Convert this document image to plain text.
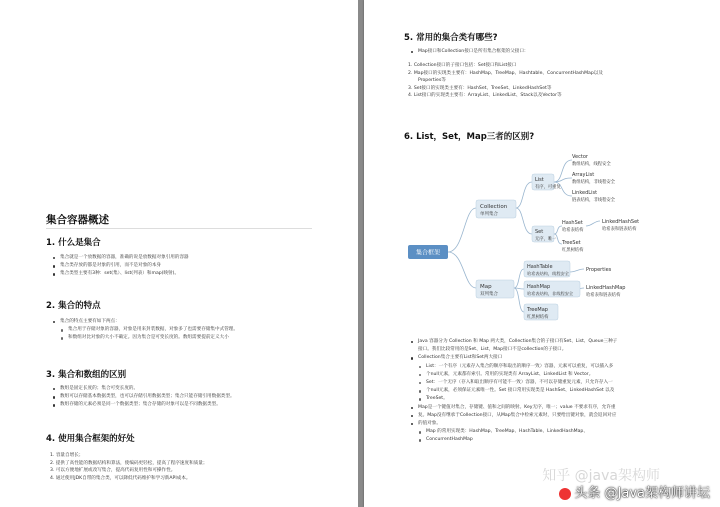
集合容器概述
1. 什么是集合
集合就是一个放数据的容器，准确的说是放数据对象引用的容器
集合类存放的都是对象的引用，而不是对象的本身
集合类型主要有3种：set(集）、list(列表）和map(映射)。
2. 集合的特点
集合的特点主要有如下两点：
集合用于存储对象的容器，对象是用来封装数据，对象多了也需要存储集中式管理。
和数组对比对象的大小不确定。因为集合是可变长度的。数组需要提前定义大小
3. 集合和数组的区别
数组是固定长度的；集合可变长度的。
数组可以存储基本数据类型，也可以存储引用数据类型；集合只能存储引用数据类型。
数组存储的元素必须是同一个数据类型；集合存储的对象可以是不同数据类型。
4. 使用集合框架的好处
1. 容量自增长；
2. 提供了高性能的数据结构和算法，使编码更轻松，提高了程序速度和质量；
3. 可以方便地扩展或改写集合，提高代码复用性和可操作性。
4. 通过使用JDK自带的集合类，可以降低代码维护和学习新API成本。
5. 常用的集合类有哪些?
Map接口和Collection接口是所有集合框架的父接口：
1. Collection接口的子接口包括：Set接口和List接口
2. Map接口的实现类主要有：HashMap、TreeMap、Hashtable、ConcurrentHashMap以及
Properties等
3. Set接口的实现类主要有：HashSet、TreeSet、LinkedHashSet等
4. List接口的实现类主要有：ArrayList、LinkedList、Stack以及Vector等
6. List，Set，Map三者的区别?
集合框架
Collection
单列集合
List
有序，可重复
Set
无序，唯一
Vector
数组结构，线程安全
ArrayList
数组结构，非线程安全
LinkedList
链表结构，非线程安全
HashSet
哈希表结构
LinkedHashSet
哈希表和链表结构
TreeSet
红黑树结构
Map
双列集合
HashTable
哈希表结构，线程安全
Properties
HashMap
哈希表结构，非线程安全
LinkedHashMap
哈希表和链表结构
TreeMap
红黑树结构
Java 容器分为 Collection 和 Map 两大类，Collection集合的子接口有Set、List、Queue三种子
接口。我们比较常用的是Set、List，Map接口不是collection的子接口。
Collection集合主要有List和Set两大接口
List：一个有序（元素存入集合的顺序和取出的顺序一致）容器，元素可以重复，可以插入多
个null元素，元素都有索引。常用的实现类有 ArrayList、LinkedList 和 Vector。
Set：一个无序（存入和取出顺序有可能不一致）容器，不可以存储重复元素，只允许存入一
个null元素，必须保证元素唯一性。Set 接口常用实现类是 HashSet、LinkedHashSet 以及
TreeSet。
Map是一个键值对集合，存储键、值和之间的映射。Key无序，唯一；value 不要求有序，允许重
复。Map没有继承于Collection接口，从Map集合中检索元素时，只要给出键对象，就会返回对应
的值对象。
Map 的常用实现类：HashMap、TreeMap、HashTable、LinkedHashMap、
ConcurrentHashMap
知乎 @java架构师
头条 @Java架构师讲坛
